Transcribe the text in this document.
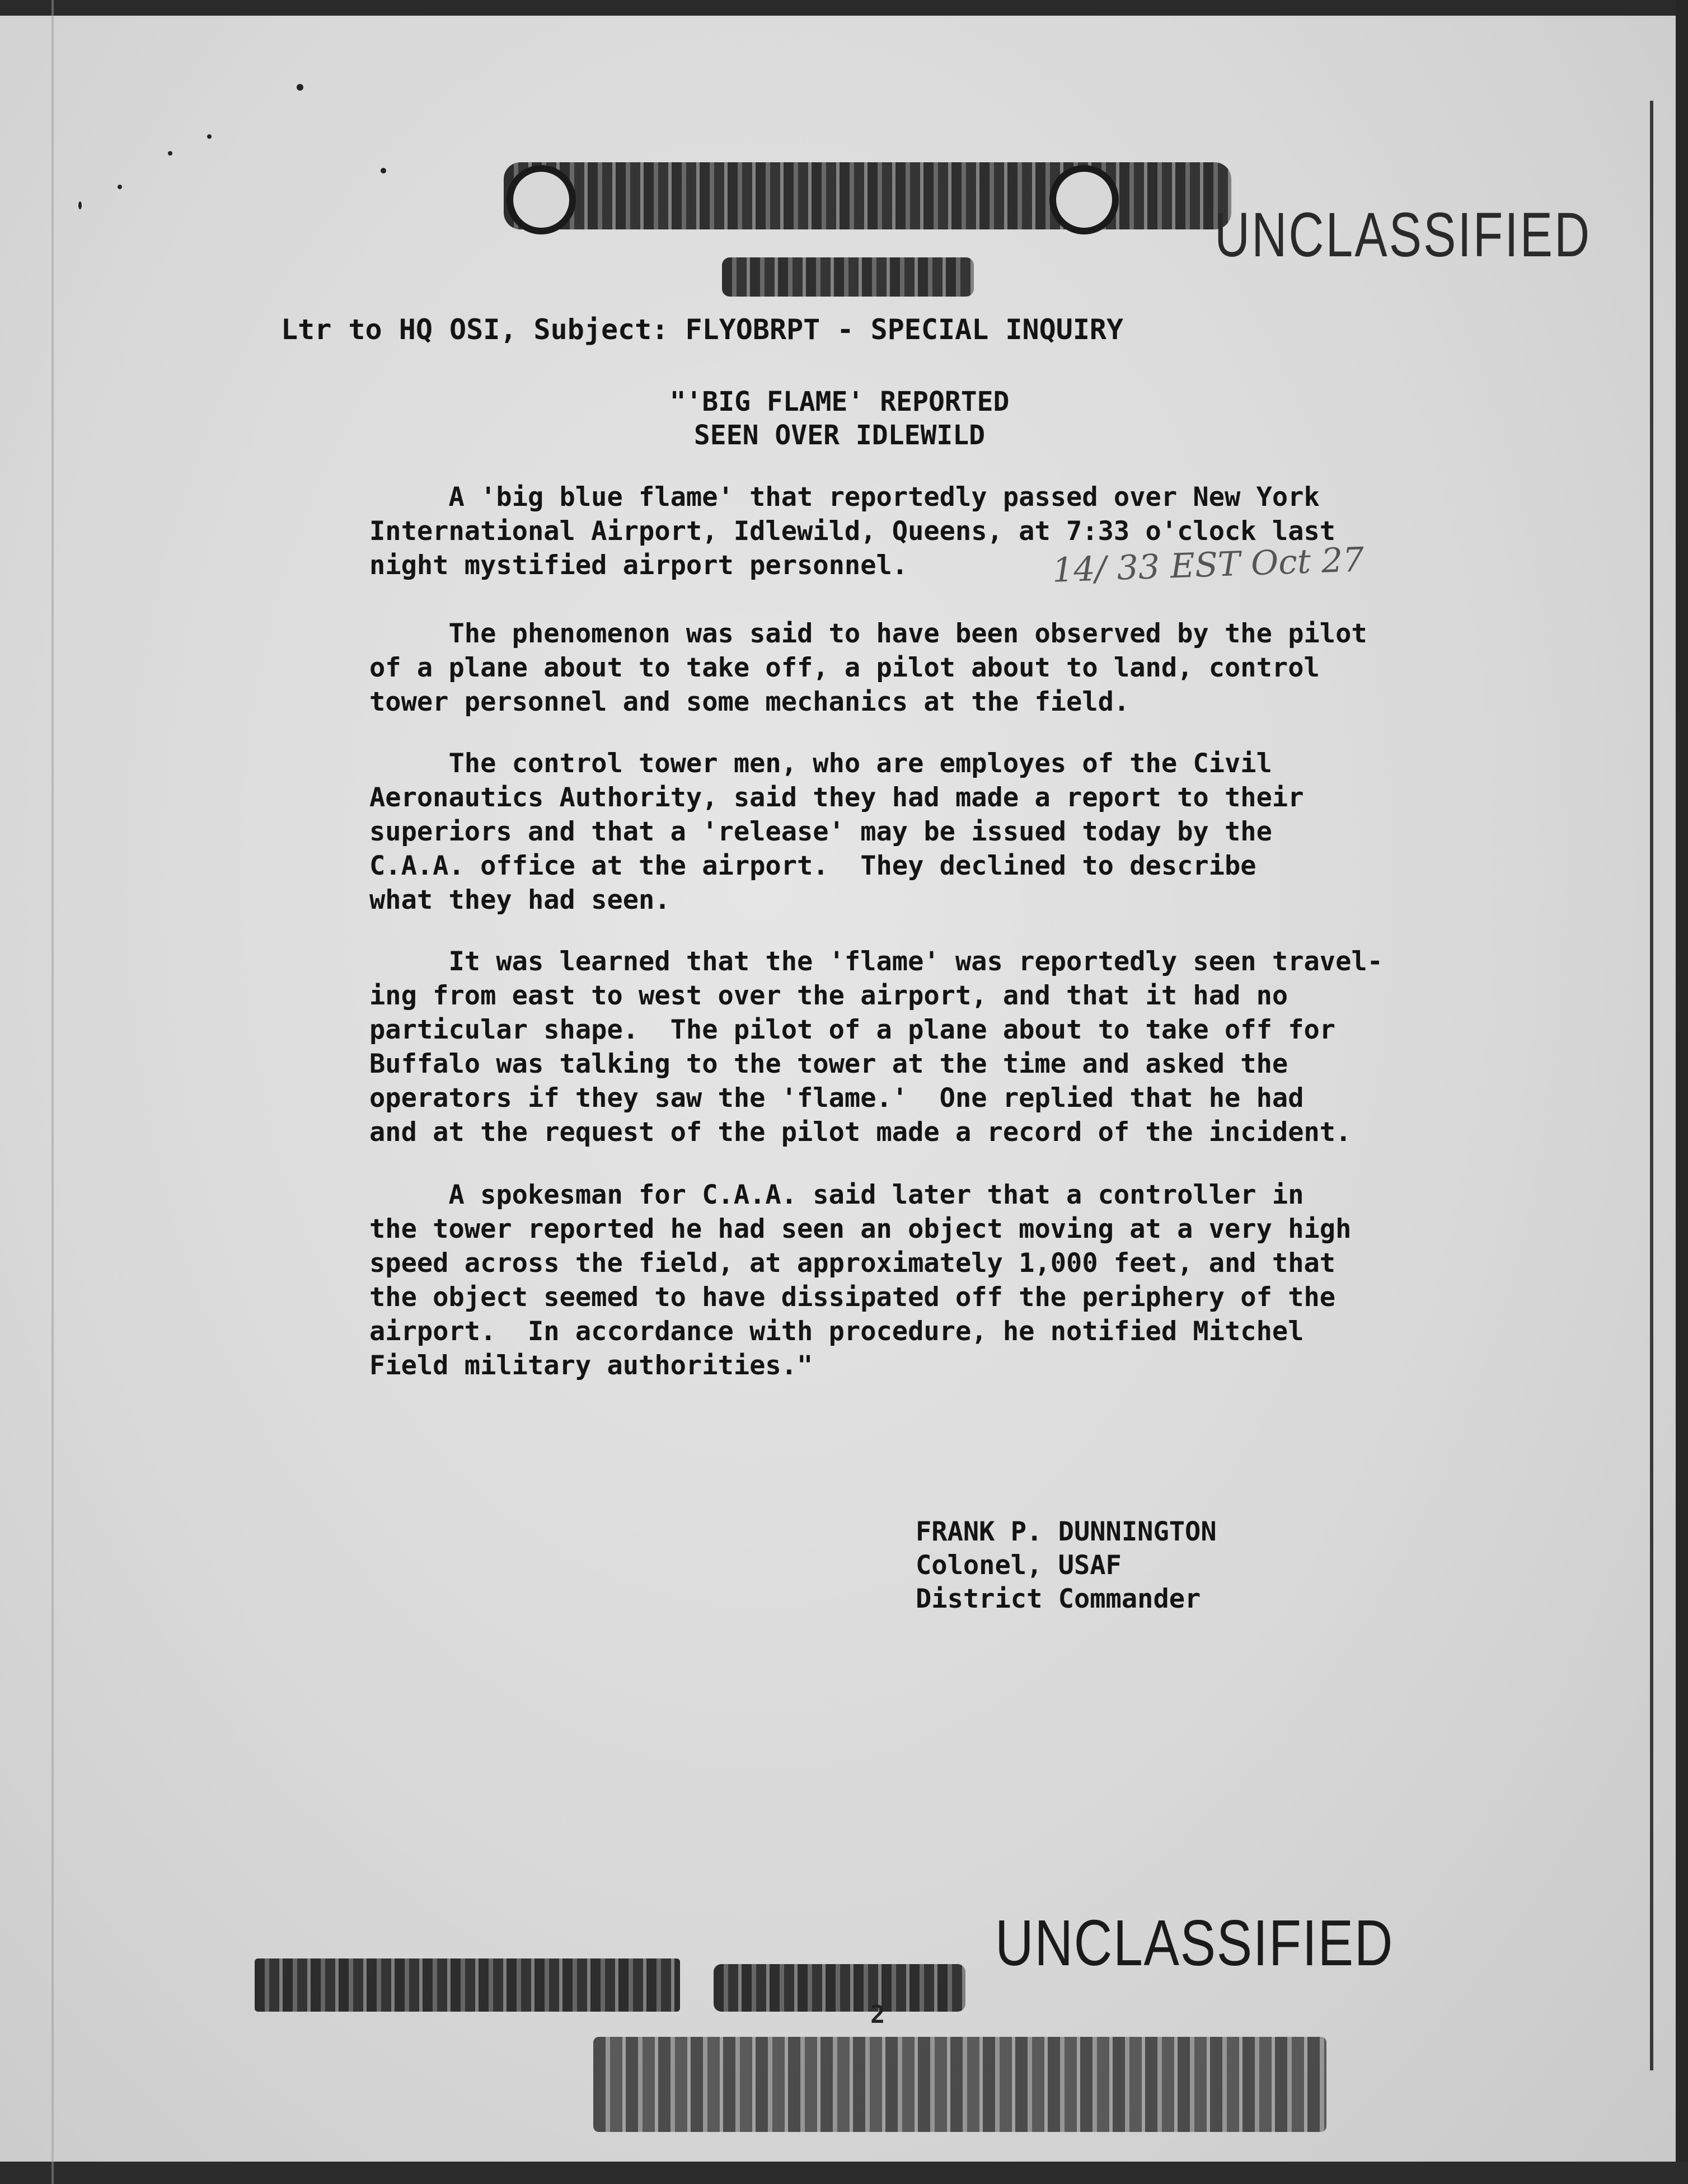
UNCLASSIFIED
Ltr to HQ OSI, Subject: FLYOBRPT - SPECIAL INQUIRY
"'BIG FLAME' REPORTED
SEEN OVER IDLEWILD
A 'big blue flame' that reportedly passed over New York
International Airport, Idlewild, Queens, at 7:33 o'clock last
night mystified airport personnel.	14/ 33 EST Oct 27
The phenomenon was said to have been observed by the pilot
of a plane about to take off, a pilot about to land, control
tower personnel and some mechanics at the field.
The control tower men, who are employes of the Civil
Aeronautics Authority, said they had made a report to their
superiors and that a 'release' may be issued today by the
C.A.A. office at the airport.  They declined to describe
what they had seen.
It was learned that the 'flame' was reportedly seen travel-
ing from east to west over the airport, and that it had no
particular shape.  The pilot of a plane about to take off for
Buffalo was talking to the tower at the time and asked the
operators if they saw the 'flame.'  One replied that he had
and at the request of the pilot made a record of the incident.
A spokesman for C.A.A. said later that a controller in
the tower reported he had seen an object moving at a very high
speed across the field, at approximately 1,000 feet, and that
the object seemed to have dissipated off the periphery of the
airport.  In accordance with procedure, he notified Mitchel
Field military authorities."
FRANK P. DUNNINGTON
Colonel, USAF
District Commander
UNCLASSIFIED
2
